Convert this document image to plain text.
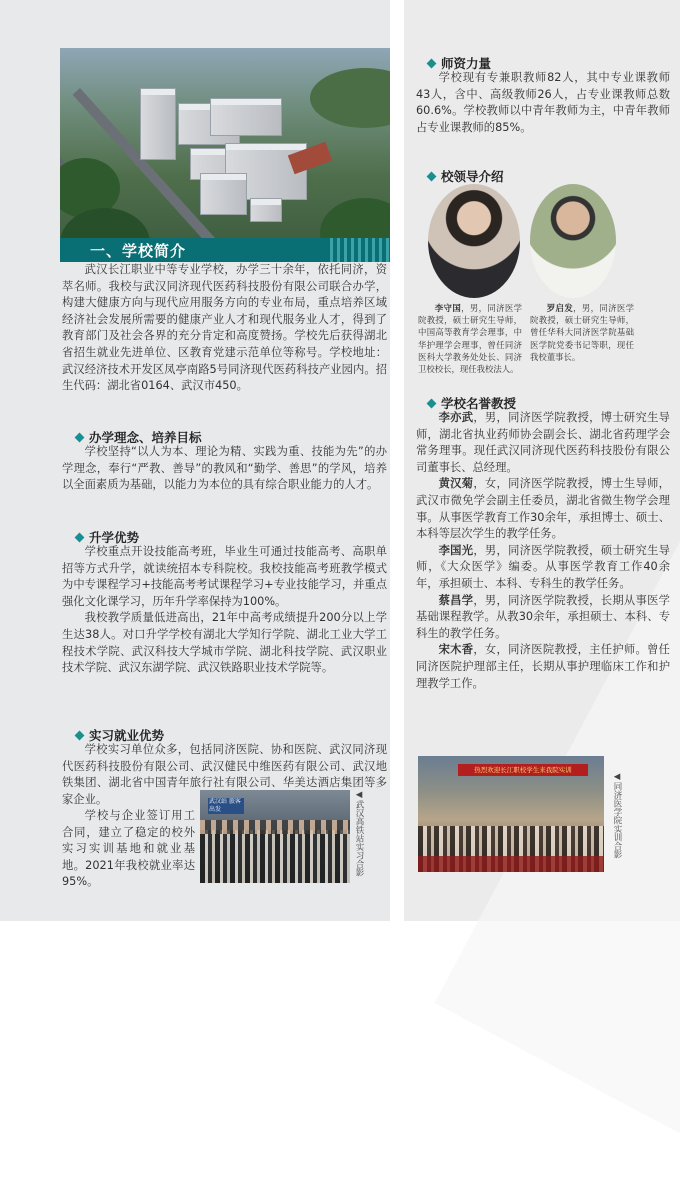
一、学校简介

武汉长江职业中等专业学校，办学三十余年，依托同济，资萃名师。我校与武汉同济现代医药科技股份有限公司联合办学，构建大健康方向与现代应用服务方向的专业布局，重点培养区域经济社会发展所需要的健康产业人才和现代服务业人才，得到了教育部门及社会各界的充分肯定和高度赞扬。学校先后获得湖北省招生就业先进单位、区教育党建示范单位等称号。学校地址：武汉经济技术开发区凤亭南路5号同济现代医药科技产业园内。招生代码：湖北省0164、武汉市450。

办学理念、培养目标

学校坚持“以人为本、理论为精、实践为重、技能为先”的办学理念，奉行“严教、善导”的教风和“勤学、善思”的学风，培养以全面素质为基础，以能力为本位的具有综合职业能力的人才。

升学优势

学校重点开设技能高考班，毕业生可通过技能高考、高职单招等方式升学，就读统招本专科院校。我校技能高考班教学模式为中专课程学习+技能高考考试课程学习+专业技能学习，并重点强化文化课学习，历年升学率保持为100%。

我校教学质量低进高出，21年中高考成绩提升200分以上学生达38人。对口升学学校有湖北大学知行学院、湖北工业大学工程技术学院、武汉科技大学城市学院、湖北科技学院、武汉职业技术学院、武汉东湖学院、武汉铁路职业技术学院等。

实习就业优势

学校实习单位众多，包括同济医院、协和医院、武汉同济现代医药科技股份有限公司、武汉健民中维医药有限公司、武汉地铁集团、湖北省中国青年旅行社有限公司、华美达酒店集团等多家企业。

学校与企业签订用工合同，建立了稳定的校外实习实训基地和就业基地。2021年我校就业率达95%。

武汉站 旅客出发	◀武汉高铁站实习合影
师资力量

学校现有专兼职教师82人，其中专业课教师43人，含中、高级教师26人，占专业课教师总数60.6%。学校教师以中青年教师为主，中青年教师占专业课教师的85%。

校领导介绍
李守国，男，同济医学院教授，硕士研究生导师，中国高等教育学会理事，中华护理学会理事，曾任同济医科大学教务处处长、同济卫校校长，现任我校法人。
罗启发，男，同济医学院教授，硕士研究生导师，曾任华科大同济医学院基础医学院党委书记等职，现任我校董事长。
学校名誉教授

李亦武，男，同济医学院教授，博士研究生导师，湖北省执业药师协会副会长、湖北省药理学会常务理事。现任武汉同济现代医药科技股份有限公司董事长、总经理。

黄汉菊，女，同济医学院教授，博士生导师，武汉市微免学会副主任委员，湖北省微生物学会理事。从事医学教育工作30余年，承担博士、硕士、本科等层次学生的教学任务。

李国光，男，同济医学院教授，硕士研究生导师，《大众医学》编委。从事医学教育工作40余年，承担硕士、本科、专科生的教学任务。

蔡昌学，男，同济医学院教授，长期从事医学基础课程教学。从教30余年，承担硕士、本科、专科生的教学任务。

宋木香，女，同济医院教授，主任护师。曾任同济医院护理部主任，长期从事护理临床工作和护理教学工作。

热烈欢迎长江职校学生来我院实训
◀同济医学院实训合影
